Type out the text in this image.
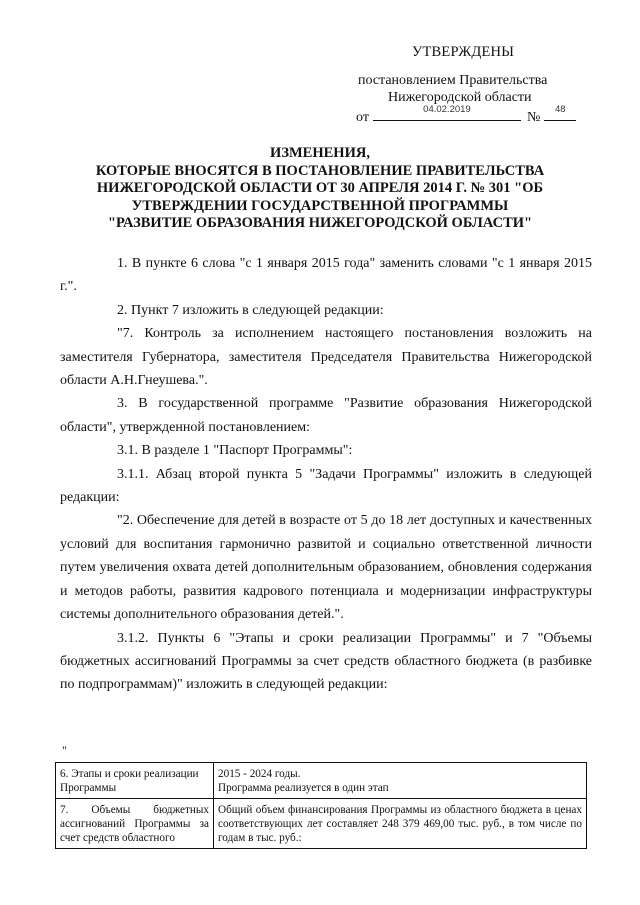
УТВЕРЖДЕНЫ
постановлением Правительства
Нижегородской области
от
04.02.2019
№
48
ИЗМЕНЕНИЯ,
КОТОРЫЕ ВНОСЯТСЯ В ПОСТАНОВЛЕНИЕ ПРАВИТЕЛЬСТВА
НИЖЕГОРОДСКОЙ ОБЛАСТИ ОТ 30 АПРЕЛЯ 2014 Г. № 301 "ОБ
УТВЕРЖДЕНИИ ГОСУДАРСТВЕННОЙ ПРОГРАММЫ
"РАЗВИТИЕ ОБРАЗОВАНИЯ НИЖЕГОРОДСКОЙ ОБЛАСТИ"

1. В пункте 6 слова "с 1 января 2015 года" заменить словами "с 1 января 2015 г.".

2. Пункт 7 изложить в следующей редакции:

"7. Контроль за исполнением настоящего постановления возложить на заместителя Губернатора, заместителя Председателя Правительства Нижегородской области А.Н.Гнеушева.".

3. В государственной программе "Развитие образования Нижегородской области", утвержденной постановлением:

3.1. В разделе 1 "Паспорт Программы":

3.1.1. Абзац второй пункта 5 "Задачи Программы" изложить в следующей редакции:

"2. Обеспечение для детей в возрасте от 5 до 18 лет доступных и качественных условий для воспитания гармонично развитой и социально ответственной личности путем увеличения охвата детей дополнительным образованием, обновления содержания и методов работы, развития кадрового потенциала и модернизации инфраструктуры системы дополнительного образования детей.".

3.1.2. Пункты 6 "Этапы и сроки реализации Программы" и 7 "Объемы бюджетных ассигнований Программы за счет средств областного бюджета (в разбивке по подпрограммам)" изложить в следующей редакции:

"
6. Этапы и сроки реализации Программы	2015 - 2024 годы.
Программа реализуется в один этап

7. Объемы бюджетных ассигнований Программы за счет средств областного	Общий объем финансирования Программы из областного бюджета в ценах соответствующих лет составляет 248 379 469,00 тыс. руб., в том числе по годам в тыс. руб.:
